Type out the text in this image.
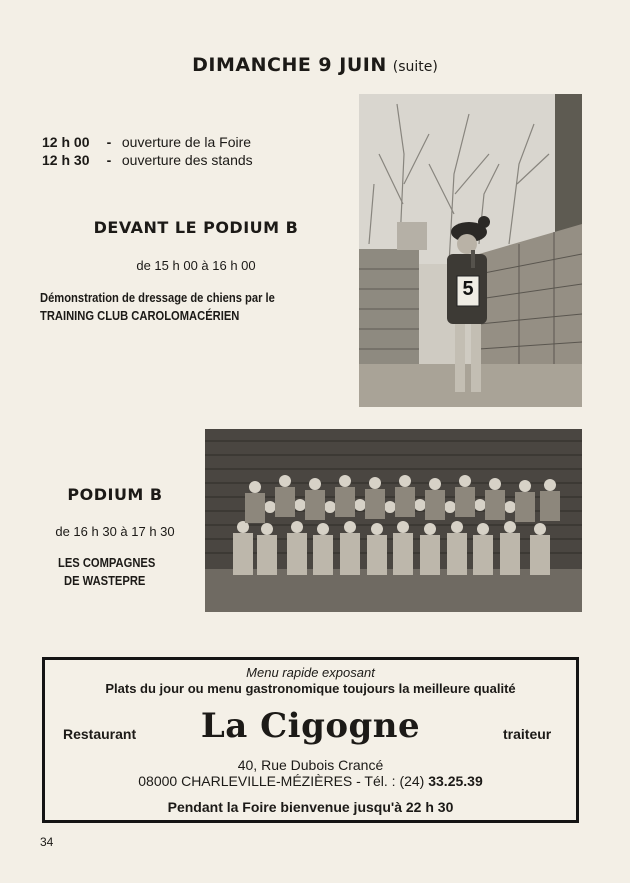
DIMANCHE 9 JUIN (suite)
12 h 00 - ouverture de la Foire
12 h 30 - ouverture des stands
DEVANT LE PODIUM B
de 15 h 00 à 16 h 00
Démonstration de dressage de chiens par le
TRAINING CLUB CAROLOMACÉRIEN
5
PODIUM B
de 16 h 30 à 17 h 30
LES COMPAGNES
DE WASTEPRE
Menu rapide exposant
Plats du jour ou menu gastronomique toujours la meilleure qualité
Restaurant	La Cigogne	traiteur
40, Rue Dubois Crancé
08000 CHARLEVILLE-MÉZIÈRES - Tél. : (24) 33.25.39
Pendant la Foire bienvenue jusqu'à 22 h 30
34
